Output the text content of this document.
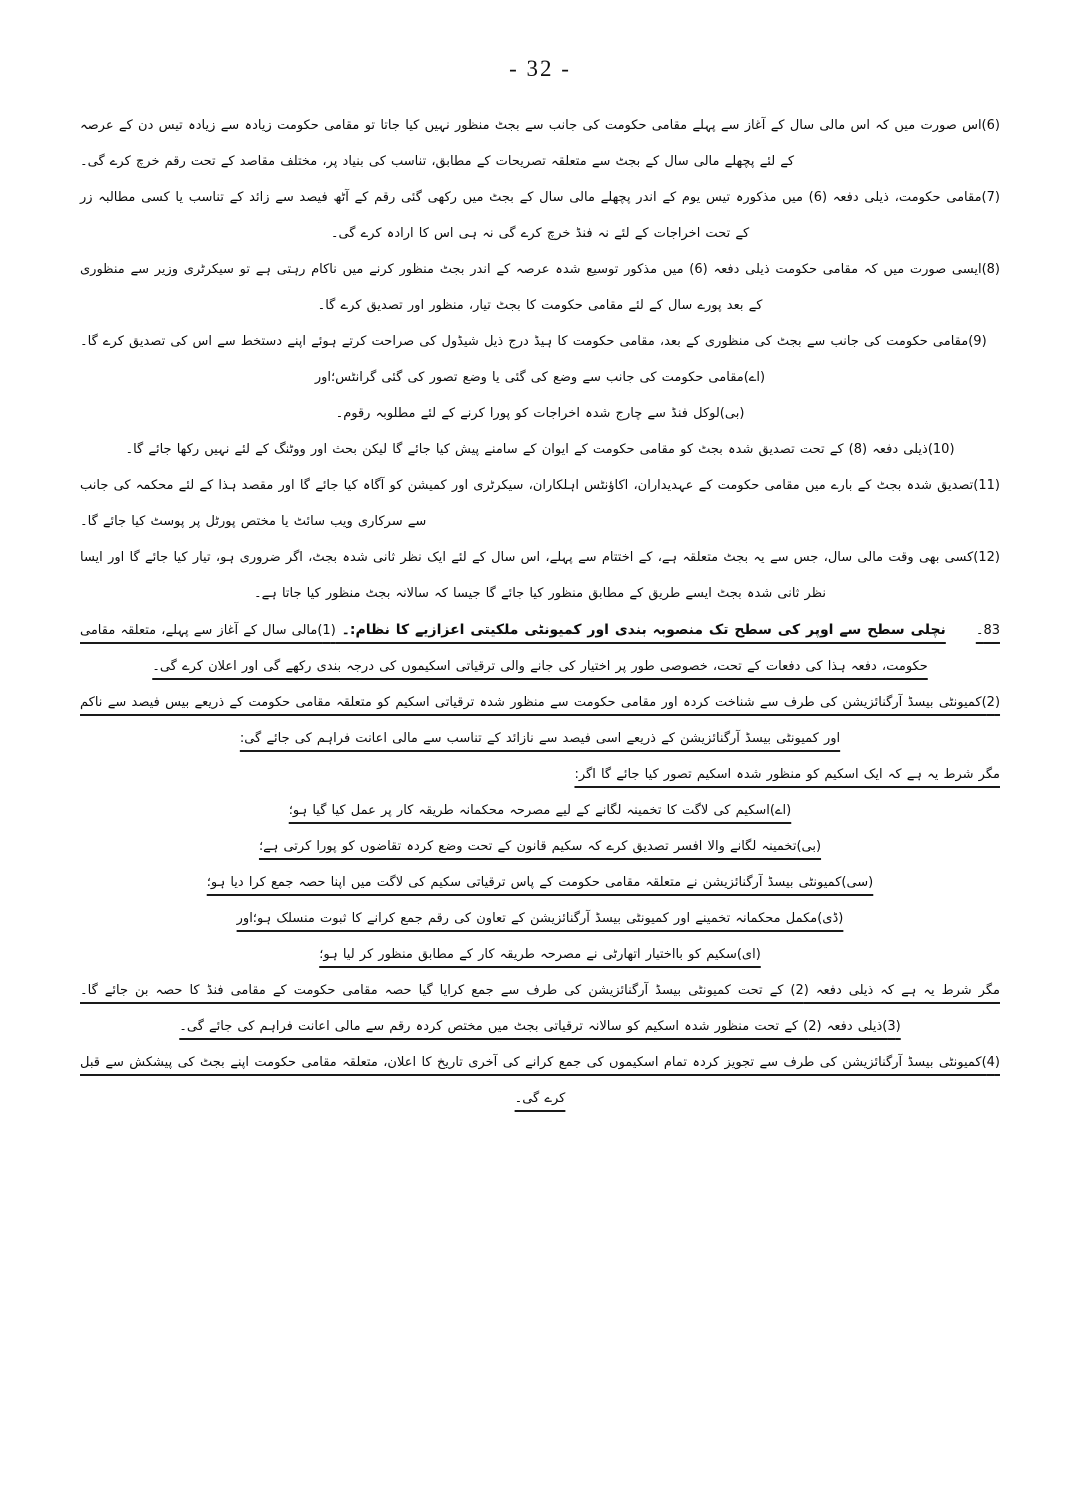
- 32 -
(6)اس صورت میں کہ اس مالی سال کے آغاز سے پہلے مقامی حکومت کی جانب سے بجٹ منظور نہیں کیا جاتا تو مقامی حکومت زیادہ سے زیادہ تیس دن کے عرصہ کے لئے پچھلے مالی سال کے بجٹ سے متعلقہ تصریحات کے مطابق، تناسب کی بنیاد پر، مختلف مقاصد کے تحت رقم خرچ کرے گی۔
(7)مقامی حکومت، ذیلی دفعہ (6) میں مذکورہ تیس یوم کے اندر پچھلے مالی سال کے بجٹ میں رکھی گئی رقم کے آٹھ فیصد سے زائد کے تناسب یا کسی مطالبہ زر کے تحت اخراجات کے لئے نہ فنڈ خرچ کرے گی نہ ہی اس کا ارادہ کرے گی۔
(8)ایسی صورت میں کہ مقامی حکومت ذیلی دفعہ (6) میں مذکور توسیع شدہ عرصہ کے اندر بجٹ منظور کرنے میں ناکام رہتی ہے تو سیکرٹری وزیر سے منظوری کے بعد پورے سال کے لئے مقامی حکومت کا بجٹ تیار، منظور اور تصدیق کرے گا۔
(9)مقامی حکومت کی جانب سے بجٹ کی منظوری کے بعد، مقامی حکومت کا ہیڈ درج ذیل شیڈول کی صراحت کرتے ہوئے اپنے دستخط سے اس کی تصدیق کرے گا۔
(اے)مقامی حکومت کی جانب سے وضع کی گئی یا وضع تصور کی گئی گرانٹس؛اور
(بی)لوکل فنڈ سے چارج شدہ اخراجات کو پورا کرنے کے لئے مطلوبہ رقوم۔
(10)ذیلی دفعہ (8) کے تحت تصدیق شدہ بجٹ کو مقامی حکومت کے ایوان کے سامنے پیش کیا جائے گا لیکن بحث اور ووٹنگ کے لئے نہیں رکھا جائے گا۔
(11)تصدیق شدہ بجٹ کے بارے میں مقامی حکومت کے عہدیداران، اکاؤنٹس اہلکاران، سیکرٹری اور کمیشن کو آگاہ کیا جائے گا اور مقصد ہذا کے لئے محکمہ کی جانب سے سرکاری ویب سائٹ یا مختص پورٹل پر پوسٹ کیا جائے گا۔
(12)کسی بھی وقت مالی سال، جس سے یہ بجٹ متعلقہ ہے، کے اختتام سے پہلے، اس سال کے لئے ایک نظر ثانی شدہ بجٹ، اگر ضروری ہو، تیار کیا جائے گا اور ایسا نظر ثانی شدہ بجٹ ایسے طریق کے مطابق منظور کیا جائے گا جیسا کہ سالانہ بجٹ منظور کیا جاتا ہے۔
83۔نچلی سطح سے اوپر کی سطح تک منصوبہ بندی اور کمیونٹی ملکیتی اعزازیے کا نظام:۔ (1)مالی سال کے آغاز سے پہلے، متعلقہ مقامی حکومت، دفعہ ہذا کی دفعات کے تحت، خصوصی طور پر اختیار کی جانے والی ترقیاتی اسکیموں کی درجہ بندی رکھے گی اور اعلان کرے گی۔
(2)کمیونٹی بیسڈ آرگنائزیشن کی طرف سے شناخت کردہ اور مقامی حکومت سے منظور شدہ ترقیاتی اسکیم کو متعلقہ مقامی حکومت کے ذریعے بیس فیصد سے ناکم اور کمیونٹی بیسڈ آرگنائزیشن کے ذریعے اسی فیصد سے نازائد کے تناسب سے مالی اعانت فراہم کی جائے گی:
مگر شرط یہ ہے کہ ایک اسکیم کو منظور شدہ اسکیم تصور کیا جائے گا اگر:
(اے)اسکیم کی لاگت کا تخمینہ لگانے کے لیے مصرحہ محکمانہ طریقہ کار پر عمل کیا گیا ہو؛
(بی)تخمینہ لگانے والا افسر تصدیق کرے کہ سکیم قانون کے تحت وضع کردہ تقاضوں کو پورا کرتی ہے؛
(سی)کمیونٹی بیسڈ آرگنائزیشن نے متعلقہ مقامی حکومت کے پاس ترقیاتی سکیم کی لاگت میں اپنا حصہ جمع کرا دیا ہو؛
(ڈی)مکمل محکمانہ تخمینے اور کمیونٹی بیسڈ آرگنائزیشن کے تعاون کی رقم جمع کرانے کا ثبوت منسلک ہو؛اور
(ای)سکیم کو بااختیار اتھارٹی نے مصرحہ طریقہ کار کے مطابق منظور کر لیا ہو؛
مگر شرط یہ ہے کہ ذیلی دفعہ (2) کے تحت کمیونٹی بیسڈ آرگنائزیشن کی طرف سے جمع کرایا گیا حصہ مقامی حکومت کے مقامی فنڈ کا حصہ بن جائے گا۔
(3)ذیلی دفعہ (2) کے تحت منظور شدہ اسکیم کو سالانہ ترقیاتی بجٹ میں مختص کردہ رقم سے مالی اعانت فراہم کی جائے گی۔
(4)کمیونٹی بیسڈ آرگنائزیشن کی طرف سے تجویز کردہ تمام اسکیموں کی جمع کرانے کی آخری تاریخ کا اعلان، متعلقہ مقامی حکومت اپنے بجٹ کی پیشکش سے قبل کرے گی۔
